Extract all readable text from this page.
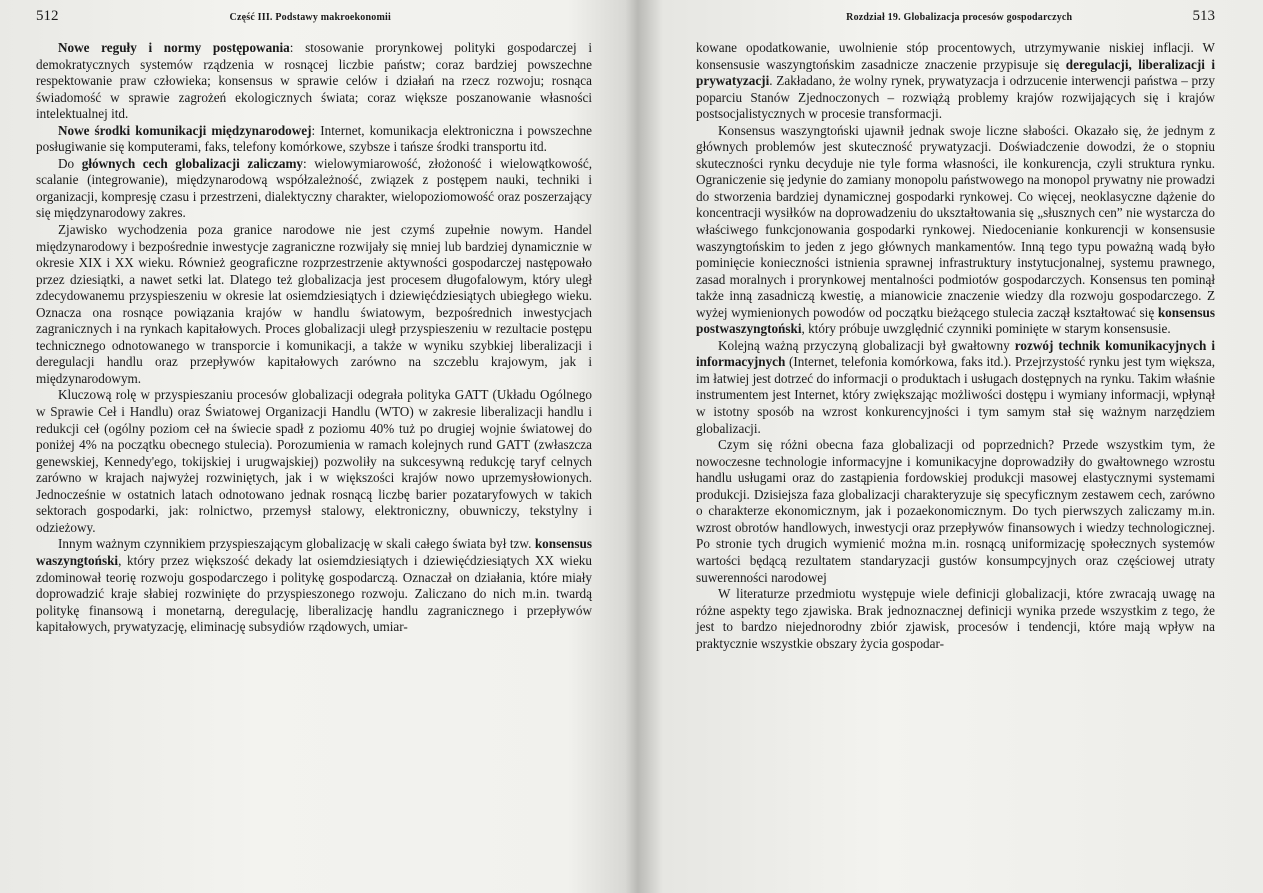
512	Część III. Podstawy makroekonomii

Nowe reguły i normy postępowania: stosowanie prorynkowej polityki gospodarczej i demokratycznych systemów rządzenia w rosnącej liczbie państw; coraz bardziej powszechne respektowanie praw człowieka; konsensus w sprawie celów i działań na rzecz rozwoju; rosnąca świadomość w sprawie zagrożeń ekologicznych świata; coraz większe poszanowanie własności intelektualnej itd.

Nowe środki komunikacji międzynarodowej: Internet, komunikacja elektroniczna i powszechne posługiwanie się komputerami, faks, telefony komórkowe, szybsze i tańsze środki transportu itd.

Do głównych cech globalizacji zaliczamy: wielowymiarowość, złożoność i wielowątkowość, scalanie (integrowanie), międzynarodową współzależność, związek z postępem nauki, techniki i organizacji, kompresję czasu i przestrzeni, dialektyczny charakter, wielopoziomowość oraz poszerzający się międzynarodowy zakres.

Zjawisko wychodzenia poza granice narodowe nie jest czymś zupełnie nowym. Handel międzynarodowy i bezpośrednie inwestycje zagraniczne rozwijały się mniej lub bardziej dynamicznie w okresie XIX i XX wieku. Również geograficzne rozprzestrzenie aktywności gospodarczej następowało przez dziesiątki, a nawet setki lat. Dlatego też globalizacja jest procesem długofalowym, który uległ zdecydowanemu przyspieszeniu w okresie lat osiemdziesiątych i dziewięćdziesiątych ubiegłego wieku. Oznacza ona rosnące powiązania krajów w handlu światowym, bezpośrednich inwestycjach zagranicznych i na rynkach kapitałowych. Proces globalizacji uległ przyspieszeniu w rezultacie postępu technicznego odnotowanego w transporcie i komunikacji, a także w wyniku szybkiej liberalizacji i deregulacji handlu oraz przepływów kapitałowych zarówno na szczeblu krajowym, jak i międzynarodowym.

Kluczową rolę w przyspieszaniu procesów globalizacji odegrała polityka GATT (Układu Ogólnego w Sprawie Ceł i Handlu) oraz Światowej Organizacji Handlu (WTO) w zakresie liberalizacji handlu i redukcji ceł (ogólny poziom ceł na świecie spadł z poziomu 40% tuż po drugiej wojnie światowej do poniżej 4% na początku obecnego stulecia). Porozumienia w ramach kolejnych rund GATT (zwłaszcza genewskiej, Kennedy'ego, tokijskiej i urugwajskiej) pozwoliły na sukcesywną redukcję taryf celnych zarówno w krajach najwyżej rozwiniętych, jak i w większości krajów nowo uprzemysłowionych. Jednocześnie w ostatnich latach odnotowano jednak rosnącą liczbę barier pozataryfowych w takich sektorach gospodarki, jak: rolnictwo, przemysł stalowy, elektroniczny, obuwniczy, tekstylny i odzieżowy.

Innym ważnym czynnikiem przyspieszającym globalizację w skali całego świata był tzw. konsensus waszyngtoński, który przez większość dekady lat osiemdziesiątych i dziewięćdziesiątych XX wieku zdominował teorię rozwoju gospodarczego i politykę gospodarczą. Oznaczał on działania, które miały doprowadzić kraje słabiej rozwinięte do przyspieszonego rozwoju. Zaliczano do nich m.in. twardą politykę finansową i monetarną, deregulację, liberalizację handlu zagranicznego i przepływów kapitałowych, prywatyzację, eliminację subsydiów rządowych, umiar-

Rozdział 19. Globalizacja procesów gospodarczych	513

kowane opodatkowanie, uwolnienie stóp procentowych, utrzymywanie niskiej inflacji. W konsensusie waszyngtońskim zasadnicze znaczenie przypisuje się deregulacji, liberalizacji i prywatyzacji. Zakładano, że wolny rynek, prywatyzacja i odrzucenie interwencji państwa – przy poparciu Stanów Zjednoczonych – rozwiążą problemy krajów rozwijających się i krajów postsocjalistycznych w procesie transformacji.

Konsensus waszyngtoński ujawnił jednak swoje liczne słabości. Okazało się, że jednym z głównych problemów jest skuteczność prywatyzacji. Doświadczenie dowodzi, że o stopniu skuteczności rynku decyduje nie tyle forma własności, ile konkurencja, czyli struktura rynku. Ograniczenie się jedynie do zamiany monopolu państwowego na monopol prywatny nie prowadzi do stworzenia bardziej dynamicznej gospodarki rynkowej. Co więcej, neoklasyczne dążenie do koncentracji wysiłków na doprowadzeniu do ukształtowania się „słusznych cen” nie wystarcza do właściwego funkcjonowania gospodarki rynkowej. Niedocenianie konkurencji w konsensusie waszyngtońskim to jeden z jego głównych mankamentów. Inną tego typu poważną wadą było pominięcie konieczności istnienia sprawnej infrastruktury instytucjonalnej, systemu prawnego, zasad moralnych i prorynkowej mentalności podmiotów gospodarczych. Konsensus ten pominął także inną zasadniczą kwestię, a mianowicie znaczenie wiedzy dla rozwoju gospodarczego. Z wyżej wymienionych powodów od początku bieżącego stulecia zaczął kształtować się konsensus postwaszyngtoński, który próbuje uwzględnić czynniki pominięte w starym konsensusie.

Kolejną ważną przyczyną globalizacji był gwałtowny rozwój technik komunikacyjnych i informacyjnych (Internet, telefonia komórkowa, faks itd.). Przejrzystość rynku jest tym większa, im łatwiej jest dotrzeć do informacji o produktach i usługach dostępnych na rynku. Takim właśnie instrumentem jest Internet, który zwiększając możliwości dostępu i wymiany informacji, wpłynął w istotny sposób na wzrost konkurencyjności i tym samym stał się ważnym narzędziem globalizacji.

Czym się różni obecna faza globalizacji od poprzednich? Przede wszystkim tym, że nowoczesne technologie informacyjne i komunikacyjne doprowadziły do gwałtownego wzrostu handlu usługami oraz do zastąpienia fordowskiej produkcji masowej elastycznymi systemami produkcji. Dzisiejsza faza globalizacji charakteryzuje się specyficznym zestawem cech, zarówno o charakterze ekonomicznym, jak i pozaekonomicznym. Do tych pierwszych zaliczamy m.in. wzrost obrotów handlowych, inwestycji oraz przepływów finansowych i wiedzy technologicznej. Po stronie tych drugich wymienić można m.in. rosnącą uniformizację społecznych systemów wartości będącą rezultatem standaryzacji gustów konsumpcyjnych oraz częściowej utraty suwerenności narodowej

W literaturze przedmiotu występuje wiele definicji globalizacji, które zwracają uwagę na różne aspekty tego zjawiska. Brak jednoznacznej definicji wynika przede wszystkim z tego, że jest to bardzo niejednorodny zbiór zjawisk, procesów i tendencji, które mają wpływ na praktycznie wszystkie obszary życia gospodar-
